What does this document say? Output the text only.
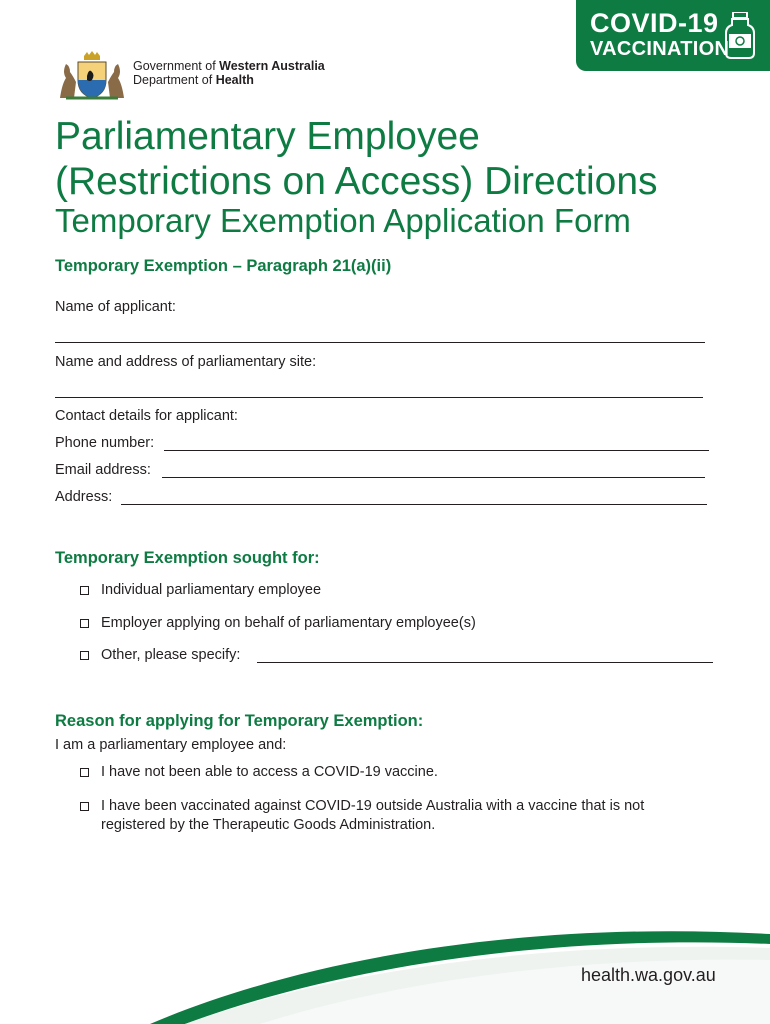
COVID-19
VACCINATION
Government of Western Australia
Department of Health
Parliamentary Employee
(Restrictions on Access) Directions
Temporary Exemption Application Form
Temporary Exemption – Paragraph 21(a)(ii)
Name of applicant:
Name and address of parliamentary site:
Contact details for applicant:
Phone number:
Email address:
Address:
Temporary Exemption sought for:
Individual parliamentary employee
Employer applying on behalf of parliamentary employee(s)
Other, please specify:
Reason for applying for Temporary Exemption:
I am a parliamentary employee and:
I have not been able to access a COVID-19 vaccine.
I have been vaccinated against COVID-19 outside Australia with a vaccine that is not
registered by the Therapeutic Goods Administration.
health.wa.gov.au
